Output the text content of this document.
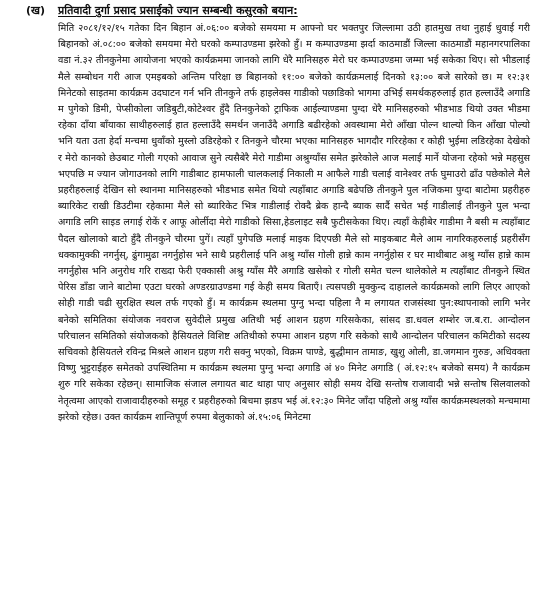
(ख)	प्रतिवादी दुर्गा प्रसाद प्रसाईको ज्यान सम्बन्धी कसुरको बयान:

मिति २०८१/१२/१५ गतेका दिन बिहान अं.०६:०० बजेको समयमा म आफ्नो घर भक्तपुर जिल्लामा उठी हातमुख तथा नुहाई धुवाई गरी बिहानको अं.०८:०० बजेको समयमा मेरो घरको कम्पाउण्डमा झरेको हुँ। म कम्पाउण्डमा झर्दा काठमाडौं जिल्ला काठमाडौं महानगरपालिका वडा नं.३२ तीनकुनेमा आयोजना भएको कार्यक्रममा जानको लागि धेरै मानिसहरु मेरो घर कम्पाउण्डमा जम्मा भई सकेका थिए। सो भीडलाई मैले सम्बोधन गरी आज एमइबको अन्तिम परिक्षा छ बिहानको ११:०० बजेको कार्यक्रमलाई दिनको १३:०० बजे सारेको छ। म १२:३१ मिनेटको साइतमा कार्यक्रम उदघाटन गर्न भनि तीनकुने तर्फ हाइलेक्स गाडीको पछाडिको भागमा उभिई समर्थकहरुलाई हात हल्लाउँदै अगाडि म पुगेको डिमी, पेप्सीकोला जडिबुटी,कोटेश्वर हुँदै तिनकुनेको ट्राफिक आईल्याण्डमा पुग्दा धेरै मानिसहरुको भीडभाड थियो उक्त भीडमा रहेका दाँया बाँयाका साथीहरुलाई हात हल्लाउँदै समर्थन जनाउँदै अगाडि बढीरहेको अवस्थामा मेरो आँखा पोल्न थाल्यो किन आँखा पोल्यो भनि यता उता हेर्दा मन्चमा धुवाँको मुस्लो उडिरहेको र तिनकुने चौरमा भएका मानिसहरु भागदौर गरिरहेका र कोही भुईमा लडिरहेका देखेको र मेरो कानको छेउबाट गोली गएको आवाज सुने त्यसैबेरै मेरो गाडीमा अश्रुग्याँस समेत झरेकोले आज मलाई मार्ने योजना रहेको भन्ने महसुस भएपछि म ज्यान जोगाउनको लागि गाडीबाट हामफाली चालकलाई निकाली म आफैले गाडी चलाई वानेश्वर तर्फ घुमाउरो ढाँउ पछेकोले मैले प्रहरीहरुलाई देखिन सो स्थानमा मानिसहरुको भीडभाड समेत थियो त्यहाँबाट अगाडि बढेपछि तीनकुने पुल नजिकमा पुग्दा बाटोमा प्रहरीहरु ब्यारिकेट राखी डिउटीमा रहेकामा मैले सो ब्यारिकेट भित्र गाडीलाई रोक्दै ब्रेक हान्दै ब्याक सार्दै सचेत भई गाडीलाई तीनकुने पुल भन्दा अगाडि लगि साइड लगाई रोकें र आफू ओर्लीदा मेरो गाडीको सिसा,हेडलाइट सबै फुटीसकेका थिए। त्यहाँ केहीबेर गाडीमा नै बसी म त्यहाँबाट पैदल खोलाको बाटो हुँदै तीनकुने चौरमा पुगें। त्यहाँ पुगेपछि मलाई माइक दिएपछी मैले सो माइकबाट मैले आम नागरिकहरुलाई प्रहरीसँग धक्कामुक्की नगर्नुस्, ढुंगामुढा नगर्नुहोस भने साथै प्रहरीलाई पनि अश्रु ग्याँस गोली हान्ने काम नगर्नुहोस र घर माथीबाट अश्रु ग्याँस हान्ने काम नगर्नुहोस भनि अनुरोध गरि राख्दा फेरी एक्कासी अश्रु ग्याँस मैरै अगाडि खसेको र गोली समेत चल्न थालेकोले म त्यहाँबाट तीनकुने स्थित पेरिस डाँडा जाने बाटोमा एउटा घरको अण्डरग्राउण्डमा गई केही समय बिताएँ। त्यसपछी मुक्कुन्द दाहालले कार्यक्रमको लागि लिएर आएको सोही गाडी चढी सुरक्षित स्थल तर्फ गएको हुँ। म कार्यक्रम स्थलमा पुग्नु भन्दा पहिला नै म लगायत राजसंस्था पुन:स्थापनाको लागि भनेर बनेको समितिका संयोजक नवराज सुवेदीले प्रमुख अतिथी भई आशन ग्रहण गरिसकेका, सांसद डा.धवल शम्शेर ज.ब.रा. आन्दोलन परिचालन समितिको संयोजकको हैसियतले विशिष्ट अतिथीको रुपमा आशन ग्रहण गरि सकेको साथै आन्दोलन परिचालन कमिटीको सदस्य सचिवको हैसियतले रविन्द्र मिश्रले आशन ग्रहण गरी सक्नु भएको, विक्रम पाण्डे, बुद्धीमान तामाङ, खुशु ओली, डा.जगमान गुरुङ, अधिवक्ता विष्णु भुट्टराईहरु समेतको उपस्थितिमा म कार्यक्रम स्थलमा पुग्नु भन्दा अगाडि अं ४० मिनेट अगाडि ( अं.१२:१५ बजेको समय) नै कार्यक्रम शुरु गरि सकेका रहेछन्। सामाजिक संजाल लगायत बाट थाहा पाए अनुसार सोही समय देखि सन्तोष राजावादी भन्ने सन्तोष सिलवालको नेतृत्वमा आएको राजावादीहरुको समूह र प्रहरीहरुको बिचमा झडप भई अं.१२:३० मिनेट जाँदा पहिलो अश्रु ग्याँस कार्यक्रमस्थलको मन्चमामा झरेको रहेछ। उक्त कार्यक्रम शान्तिपूर्ण रुपमा बेलुकाको अं.१५:०६ मिनेटमा
